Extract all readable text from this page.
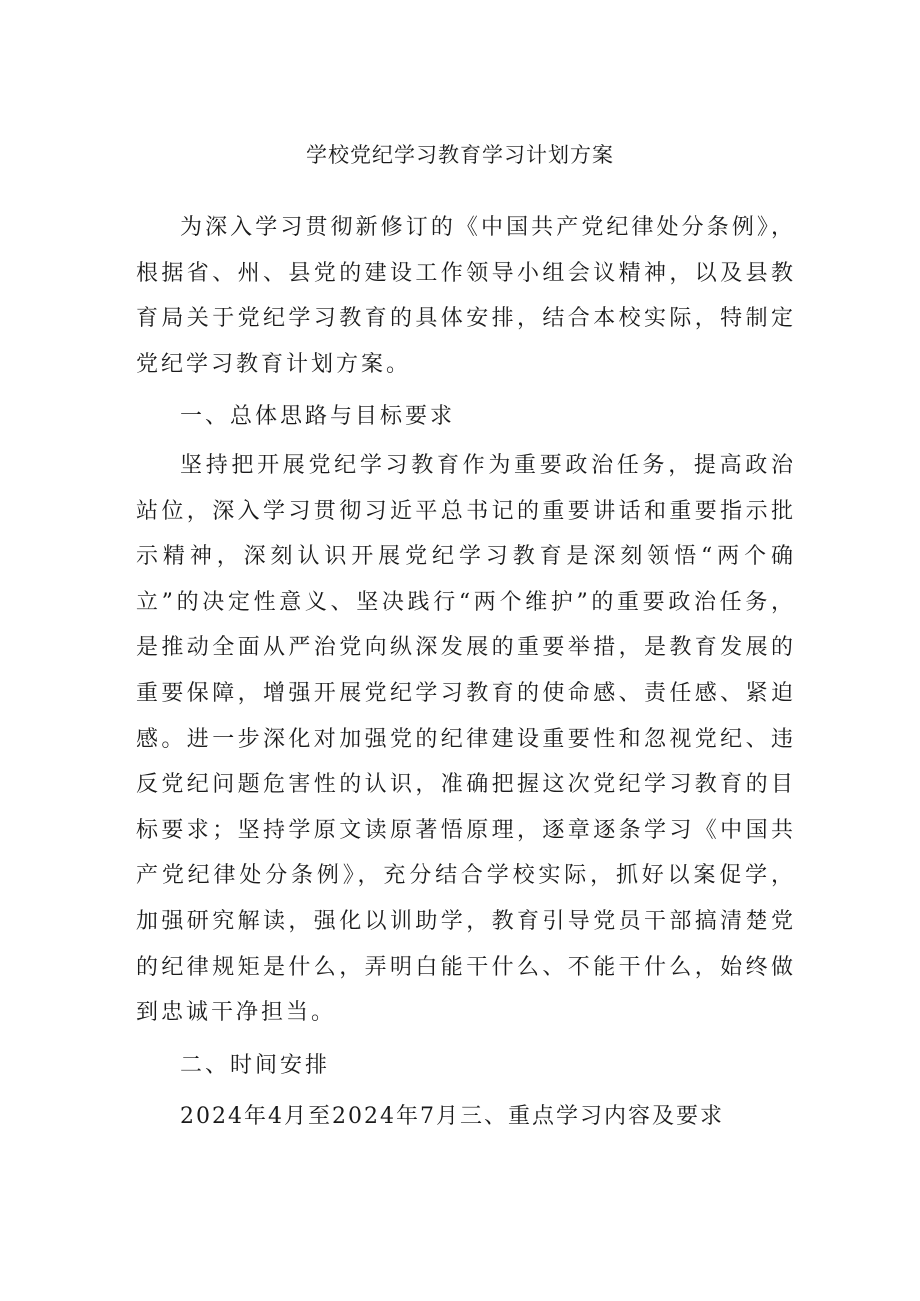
学校党纪学习教育学习计划方案

为深入学习贯彻新修订的《中国共产党纪律处分条例》，根据省、州、县党的建设工作领导小组会议精神，以及县教育局关于党纪学习教育的具体安排，结合本校实际，特制定党纪学习教育计划方案。

一、总体思路与目标要求

坚持把开展党纪学习教育作为重要政治任务，提高政治站位，深入学习贯彻习近平总书记的重要讲话和重要指示批示精神，深刻认识开展党纪学习教育是深刻领悟“两个确立”的决定性意义、坚决践行“两个维护”的重要政治任务，是推动全面从严治党向纵深发展的重要举措，是教育发展的重要保障，增强开展党纪学习教育的使命感、责任感、紧迫感。进一步深化对加强党的纪律建设重要性和忽视党纪、违反党纪问题危害性的认识，准确把握这次党纪学习教育的目标要求；坚持学原文读原著悟原理，逐章逐条学习《中国共产党纪律处分条例》，充分结合学校实际，抓好以案促学，加强研究解读，强化以训助学，教育引导党员干部搞清楚党的纪律规矩是什么，弄明白能干什么、不能干什么，始终做到忠诚干净担当。

二、时间安排

2024年4月至2024年7月三、重点学习内容及要求
